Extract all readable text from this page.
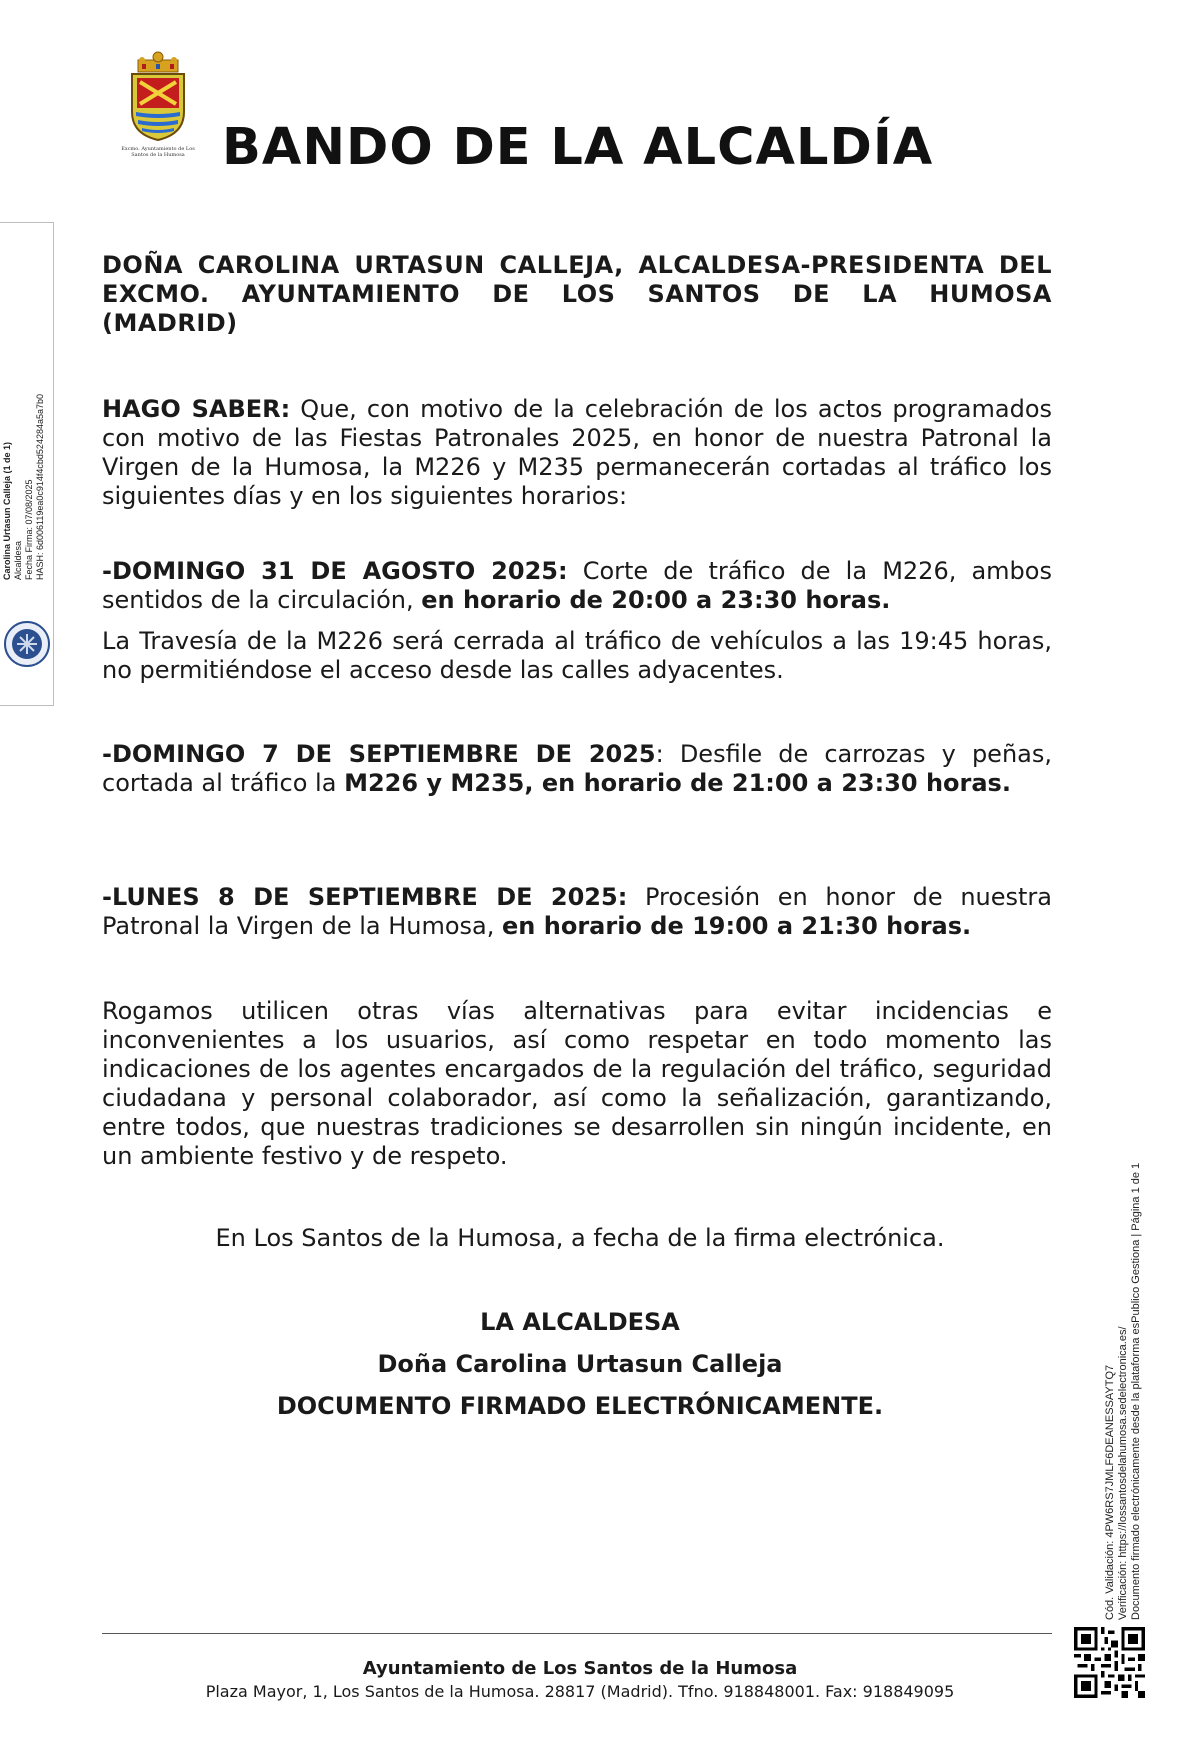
Excmo. Ayuntamiento de Los Santos de la Humosa BANDO DE LA ALCALDÍA
Carolina Urtasun Calleja (1 de 1) Alcaldesa Fecha Firma: 07/08/2025 HASH: 6d006119ea0c914f4cbd524284a5a7b0
DOÑA CAROLINA URTASUN CALLEJA, ALCALDESA-PRESIDENTA DEL
EXCMO. AYUNTAMIENTO DE LOS SANTOS DE LA HUMOSA
(MADRID)
HAGO SABER: Que, con motivo de la celebración de los actos programados con motivo de las Fiestas Patronales 2025, en honor de nuestra Patronal la Virgen de la Humosa, la M226 y M235 permanecerán cortadas al tráfico los siguientes días y en los siguientes horarios:
-DOMINGO 31 DE AGOSTO 2025: Corte de tráfico de la M226, ambos sentidos de la circulación, en horario de 20:00 a 23:30 horas.
La Travesía de la M226 será cerrada al tráfico de vehículos a las 19:45 horas, no permitiéndose el acceso desde las calles adyacentes.
-DOMINGO 7 DE SEPTIEMBRE DE 2025: Desfile de carrozas y peñas, cortada al tráfico la M226 y M235, en horario de 21:00 a 23:30 horas.
-LUNES 8 DE SEPTIEMBRE DE 2025: Procesión en honor de nuestra Patronal la Virgen de la Humosa, en horario de 19:00 a 21:30 horas.
Rogamos utilicen otras vías alternativas para evitar incidencias e inconvenientes a los usuarios, así como respetar en todo momento las indicaciones de los agentes encargados de la regulación del tráfico, seguridad ciudadana y personal colaborador, así como la señalización, garantizando, entre todos, que nuestras tradiciones se desarrollen sin ningún incidente, en un ambiente festivo y de respeto.
En Los Santos de la Humosa, a fecha de la firma electrónica.
LA ALCALDESA
Doña Carolina Urtasun Calleja
DOCUMENTO FIRMADO ELECTRÓNICAMENTE.	Cód. Validación: 4PW6RS7JMLF6DEANESSAYTQ7 Verificación: https://lossantosdelahumosa.sedelectronica.es/ Documento firmado electrónicamente desde la plataforma esPublico Gestiona | Página 1 de 1
Ayuntamiento de Los Santos de la Humosa
Plaza Mayor, 1, Los Santos de la Humosa. 28817 (Madrid). Tfno. 918848001. Fax: 918849095
